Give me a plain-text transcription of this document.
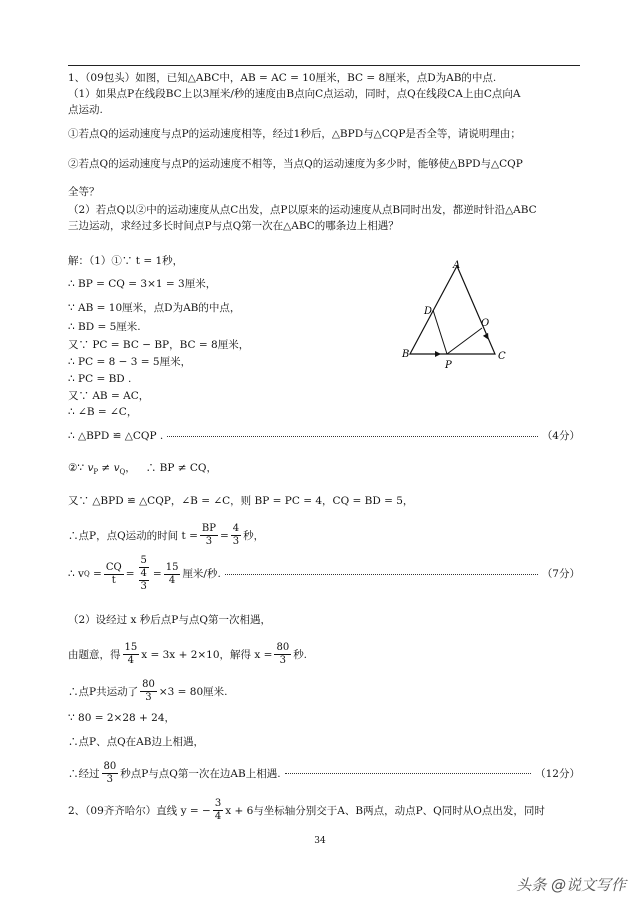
1、（09包头）如图，已知△ABC中，AB = AC = 10厘米，BC = 8厘米，点D为AB的中点.
（1）如果点P在线段BC上以3厘米/秒的速度由B点向C点运动，同时，点Q在线段CA上由C点向A
点运动.
①若点Q的运动速度与点P的运动速度相等，经过1秒后，△BPD与△CQP是否全等，请说明理由；
②若点Q的运动速度与点P的运动速度不相等，当点Q的运动速度为多少时，能够使△BPD与△CQP
全等？
（2）若点Q以②中的运动速度从点C出发，点P以原来的运动速度从点B同时出发，都逆时针沿△ABC
三边运动，求经过多长时间点P与点Q第一次在△ABC的哪条边上相遇？
解：（1）①∵ t = 1秒，
∴ BP = CQ = 3×1 = 3厘米，
∵ AB = 10厘米，点D为AB的中点，
∴ BD = 5厘米.
又∵ PC = BC − BP，BC = 8厘米，
∴ PC = 8 − 3 = 5厘米，
∴ PC = BD .
又∵ AB = AC，
∴ ∠B = ∠C，
∴ △BPD ≌ △CQP .	（4分）
②∵ $v_P \ne v_Q$，   ∴ BP ≠ CQ，
又∵ △BPD ≌ △CQP，∠B = ∠C，则 BP = PC = 4，CQ = BD = 5，
∴点P，点Q运动的时间 $t = \frac{BP}{3} = \frac{4}{3}$ 秒，
∴ v $Q = \frac{CQ}{t} = 5$
4
$3 = \frac{15}{4}$ 厘米/秒.	（7分）
（2）设经过 x 秒后点P与点Q第一次相遇，
由题意，得 $\frac{15}{4}$ x = 3x + 2×10，解得 $x = \frac{80}{3}$ 秒.
∴点P共运动了 $\frac{80}{3} \times 3 = 80$厘米.
∵ 80 = 2×28 + 24，
∴点P、点Q在AB边上相遇，
∴经过 $\frac{80}{3}$ 秒点P与点Q第一次在边AB上相遇.	（12分）
2、（09齐齐哈尔）直线 y = − $\frac{3}{4}$ x + 6与坐标轴分别交于A、B两点，动点P、Q同时从O点出发，同时
A
B	C
D
P
O
34
头条 @说文写作
